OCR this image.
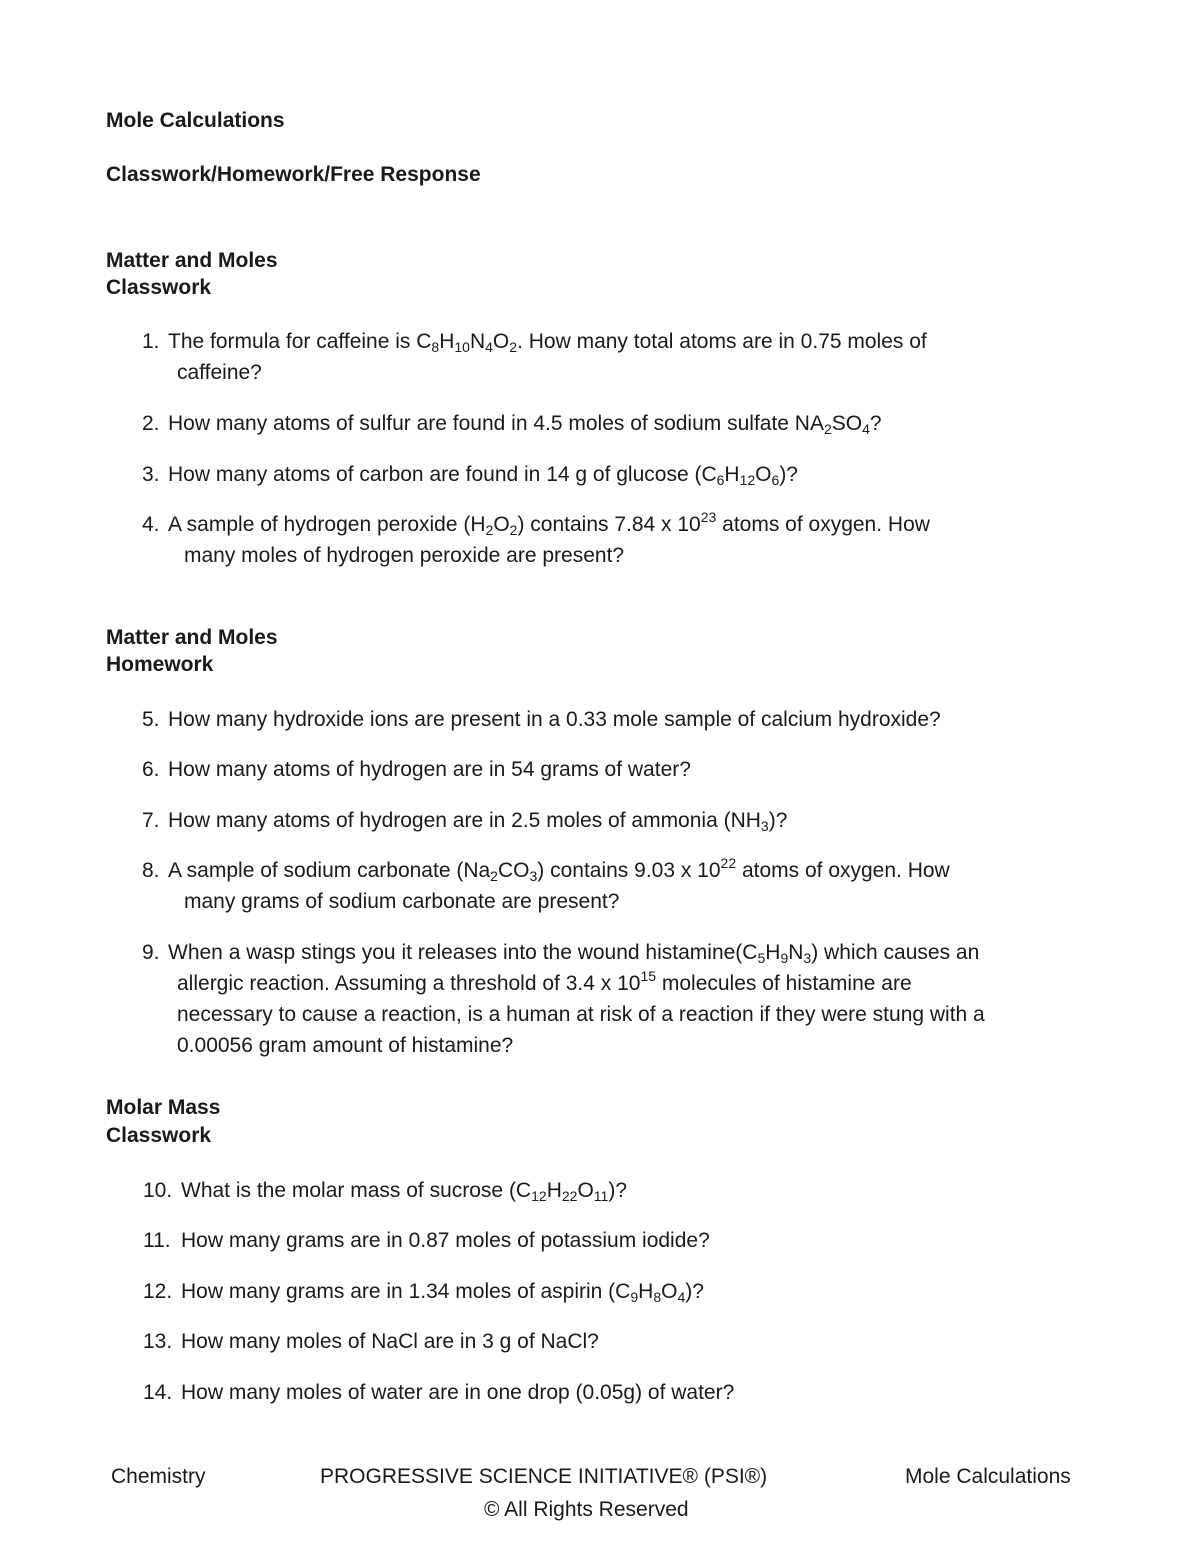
Mole Calculations
Classwork/Homework/Free Response
Matter and Moles
Classwork
1. The formula for caffeine is $C_8H_{10}N_4O_2$. How many total atoms are in 0.75 moles of
caffeine?
2. How many atoms of sulfur are found in 4.5 moles of sodium sulfate $NA_2SO_4$?
3. How many atoms of carbon are found in 14 g of glucose $(C_6H_{12}O_6)$?
4. A sample of hydrogen peroxide $(H_2O_2)$ contains 7.84 x $10^{23}$ atoms of oxygen. How
many moles of hydrogen peroxide are present?
Matter and Moles
Homework
5. How many hydroxide ions are present in a 0.33 mole sample of calcium hydroxide?
6. How many atoms of hydrogen are in 54 grams of water?
7. How many atoms of hydrogen are in 2.5 moles of ammonia $(NH_3)$?
8. A sample of sodium carbonate $(Na_2CO_3)$ contains 9.03 x $10^{22}$ atoms of oxygen. How
many grams of sodium carbonate are present?
9. When a wasp stings you it releases into the wound $histamine(C_5H_9N_3)$ which causes an
allergic reaction. Assuming a threshold of 3.4 x $10^{15}$ molecules of histamine are
necessary to cause a reaction, is a human at risk of a reaction if they were stung with a
0.00056 gram amount of histamine?
Molar Mass
Classwork
10. What is the molar mass of sucrose $(C_{12}H_{22}O_{11})$?
11. How many grams are in 0.87 moles of potassium iodide?
12. How many grams are in 1.34 moles of aspirin $(C_9H_8O_4)$?
13. How many moles of NaCl are in 3 g of NaCl?
14. How many moles of water are in one drop (0.05g) of water?
Chemistry	PROGRESSIVE SCIENCE INITIATIVE® (PSI®)	Mole Calculations
© All Rights Reserved
